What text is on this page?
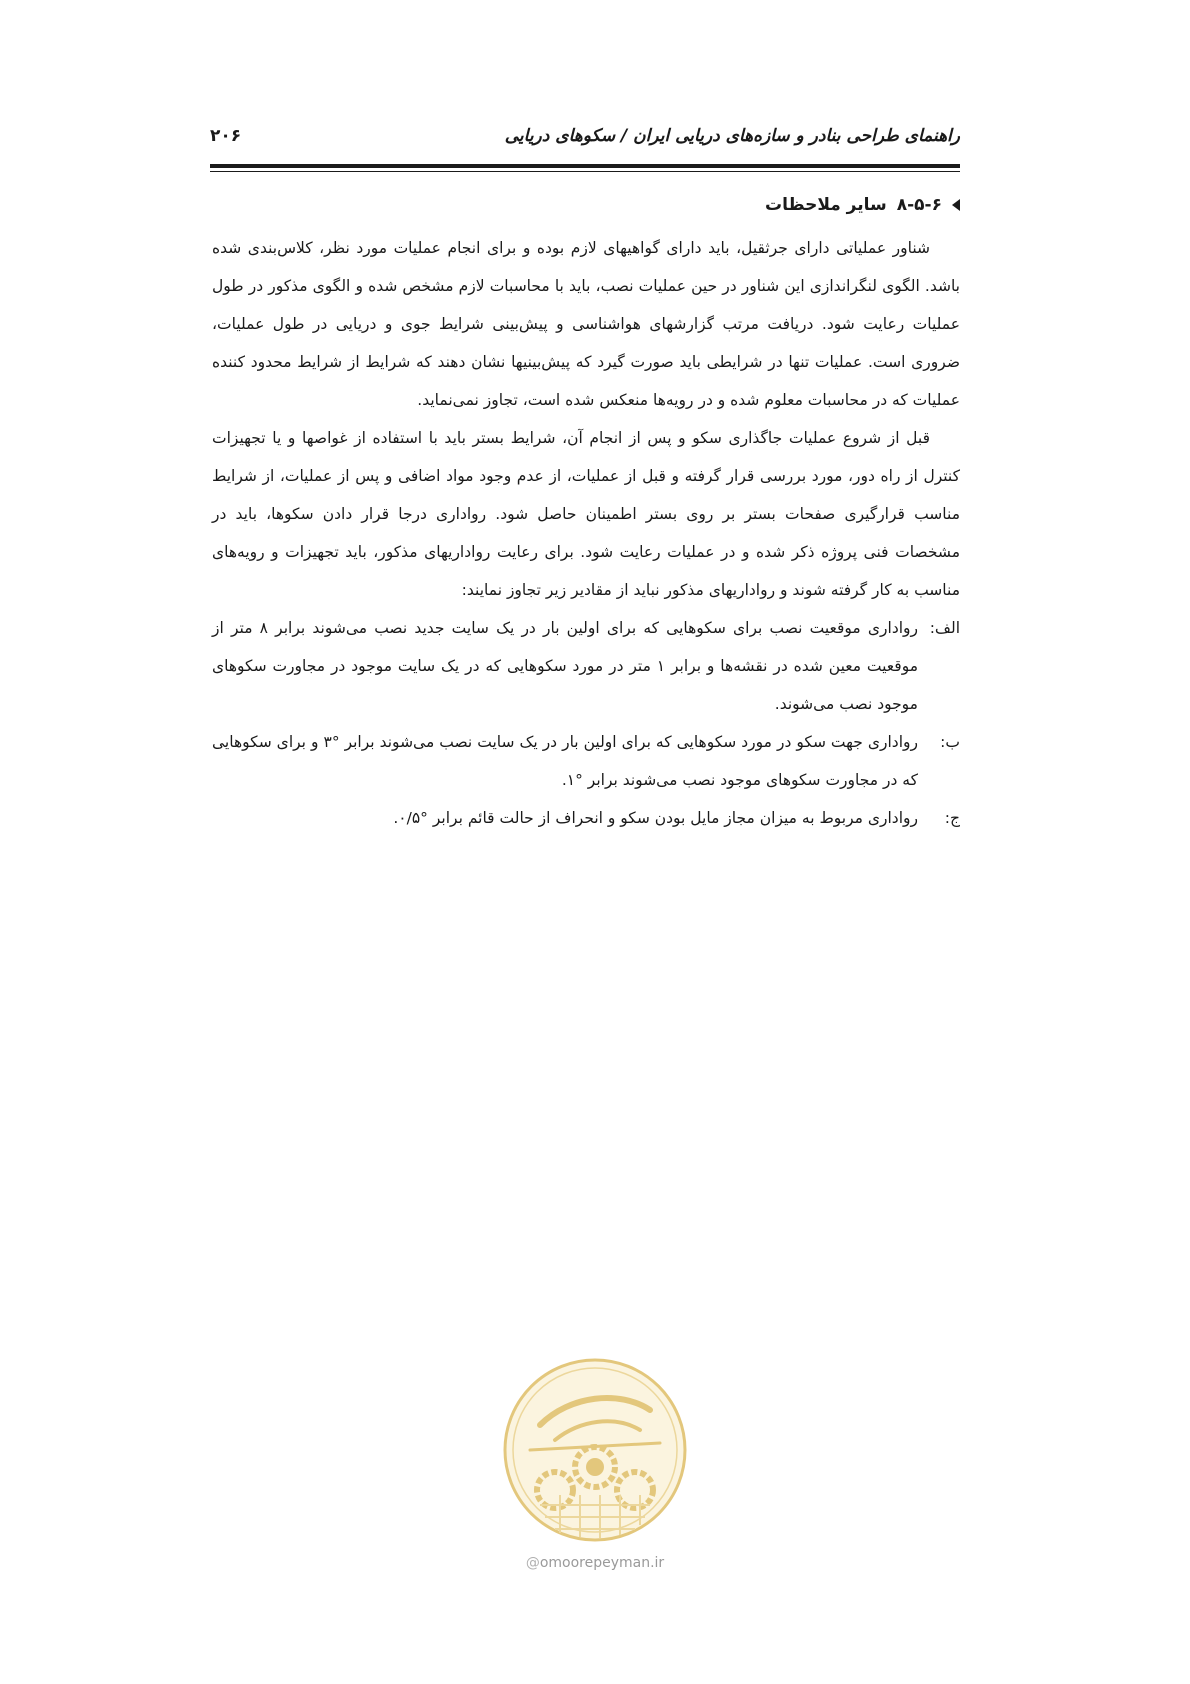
راهنمای طراحی بنادر و سازه‌های دریایی ایران / سکوهای دریایی
۲۰۶
۸-۵-۶
سایر ملاحظات

شناور عملیاتی دارای جرثقیل، باید دارای گواهیهای لازم بوده و برای انجام عملیات مورد نظر، کلاس‌بندی شده باشد. الگوی لنگراندازی این شناور در حین عملیات نصب، باید با محاسبات لازم مشخص شده و الگوی مذکور در طول عملیات رعایت شود. دریافت مرتب گزارشهای هواشناسی و پیش‌بینی شرایط جوی و دریایی در طول عملیات، ضروری است. عملیات تنها در شرایطی باید صورت گیرد که پیش‌بینیها نشان دهند که شرایط از شرایط محدود کننده عملیات که در محاسبات معلوم شده و در رویه‌ها منعکس شده است، تجاوز نمی‌نماید.

قبل از شروع عملیات جاگذاری سکو و پس از انجام آن، شرایط بستر باید با استفاده از غواصها و یا تجهیزات کنترل از راه دور، مورد بررسی قرار گرفته و قبل از عملیات، از عدم وجود مواد اضافی و پس از عملیات، از شرایط مناسب قرارگیری صفحات بستر بر روی بستر اطمینان حاصل شود. رواداری درجا قرار دادن سکوها، باید در مشخصات فنی پروژه ذکر شده و در عملیات رعایت شود. برای رعایت رواداریهای مذکور، باید تجهیزات و رویه‌های مناسب به کار گرفته شوند و رواداریهای مذکور نباید از مقادیر زیر تجاوز نمایند:

الف:
رواداری موقعیت نصب برای سکوهایی که برای اولین بار در یک سایت جدید نصب می‌شوند برابر ۸ متر از موقعیت معین شده در نقشه‌ها و برابر ۱ متر در مورد سکوهایی که در یک سایت موجود در مجاورت سکوهای موجود نصب می‌شوند.
ب:
رواداری جهت سکو در مورد سکوهایی که برای اولین بار در یک سایت نصب می‌شوند برابر °۳ و برای سکوهایی که در مجاورت سکوهای موجود نصب می‌شوند برابر °۱.
ج:
رواداری مربوط به میزان مجاز مایل بودن سکو و انحراف از حالت قائم برابر °۰/۵.
@omoorepeyman.ir
